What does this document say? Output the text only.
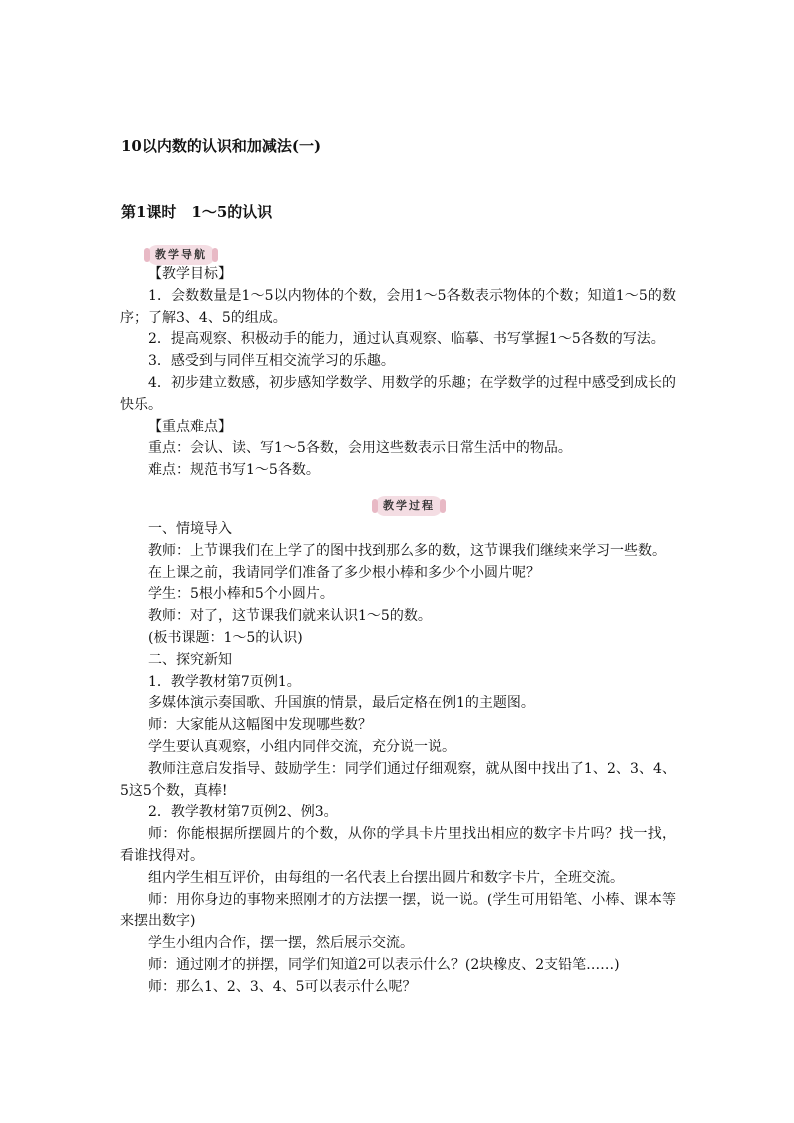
10以内数的认识和加减法(一)
第1课时　1～5的认识
教学导航

【教学目标】

1．会数数量是1～5以内物体的个数，会用1～5各数表示物体的个数；知道1～5的数序；了解3、4、5的组成。

2．提高观察、积极动手的能力，通过认真观察、临摹、书写掌握1～5各数的写法。

3．感受到与同伴互相交流学习的乐趣。

4．初步建立数感，初步感知学数学、用数学的乐趣；在学数学的过程中感受到成长的快乐。

【重点难点】

重点：会认、读、写1～5各数，会用这些数表示日常生活中的物品。

难点：规范书写1～5各数。

教学过程

一、情境导入

教师：上节课我们在上学了的图中找到那么多的数，这节课我们继续来学习一些数。

在上课之前，我请同学们准备了多少根小棒和多少个小圆片呢？

学生：5根小棒和5个小圆片。

教师：对了，这节课我们就来认识1～5的数。

(板书课题：1～5的认识)

二、探究新知

1．教学教材第7页例1。

多媒体演示奏国歌、升国旗的情景，最后定格在例1的主题图。

师：大家能从这幅图中发现哪些数？

学生要认真观察，小组内同伴交流，充分说一说。

教师注意启发指导、鼓励学生：同学们通过仔细观察，就从图中找出了1、2、3、4、5这5个数，真棒!

2．教学教材第7页例2、例3。

师：你能根据所摆圆片的个数，从你的学具卡片里找出相应的数字卡片吗？找一找，看谁找得对。

组内学生相互评价，由每组的一名代表上台摆出圆片和数字卡片，全班交流。

师：用你身边的事物来照刚才的方法摆一摆，说一说。(学生可用铅笔、小棒、课本等来摆出数字)

学生小组内合作，摆一摆，然后展示交流。

师：通过刚才的拼摆，同学们知道2可以表示什么？(2块橡皮、2支铅笔……)

师：那么1、2、3、4、5可以表示什么呢？
